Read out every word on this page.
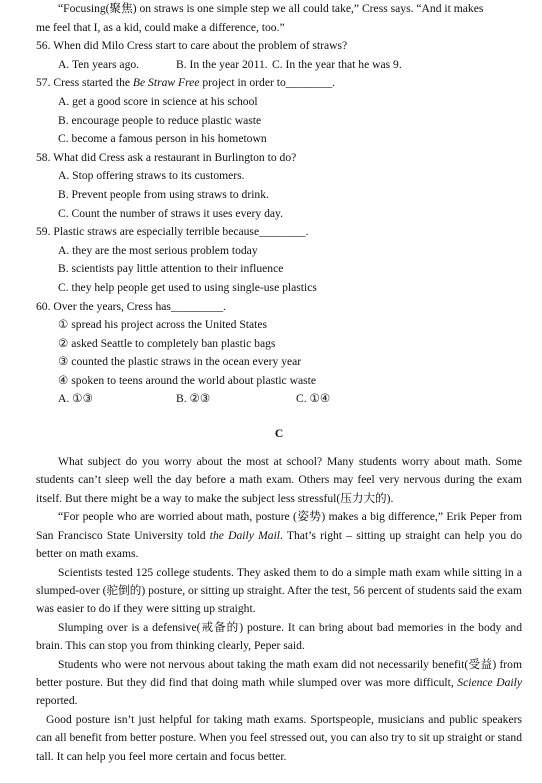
“Focusing(聚焦) on straws is one simple step we all could take,” Cress says. “And it makes
me feel that I, as a kid, could make a difference, too.”
56. When did Milo Cress start to care about the problem of straws?
A. Ten years ago.	B. In the year 2011. C. In the year that he was 9.
57. Cress started the Be Straw Free project in order to________.
A. get a good score in science at his school
B. encourage people to reduce plastic waste
C. become a famous person in his hometown
58. What did Cress ask a restaurant in Burlington to do?
A. Stop offering straws to its customers.
B. Prevent people from using straws to drink.
C. Count the number of straws it uses every day.
59. Plastic straws are especially terrible because________.
A. they are the most serious problem today
B. scientists pay little attention to their influence
C. they help people get used to using single-use plastics
60. Over the years, Cress has_________.
① spread his project across the United States
② asked Seattle to completely ban plastic bags
③ counted the plastic straws in the ocean every year
④ spoken to teens around the world about plastic waste
A. ①③	B. ②③	C. ①④
C
What subject do you worry about the most at school? Many students worry about math. Some students can’t sleep well the day before a math exam. Others may feel very nervous during the exam itself. But there might be a way to make the subject less stressful(压力大的).
“For people who are worried about math, posture (姿势) makes a big difference,” Erik Peper from San Francisco State University told the Daily Mail. That’s right – sitting up straight can help you do better on math exams.
Scientists tested 125 college students. They asked them to do a simple math exam while sitting in a slumped-over (驼倒的) posture, or sitting up straight. After the test, 56 percent of students said the exam was easier to do if they were sitting up straight.
Slumping over is a defensive(戒备的) posture. It can bring about bad memories in the body and brain. This can stop you from thinking clearly, Peper said.
Students who were not nervous about taking the math exam did not necessarily benefit(受益) from better posture. But they did find that doing math while slumped over was more difficult, Science Daily reported.
Good posture isn’t just helpful for taking math exams. Sportspeople, musicians and public speakers can all benefit from better posture. When you feel stressed out, you can also try to sit up straight or stand tall. It can help you feel more certain and focus better.
